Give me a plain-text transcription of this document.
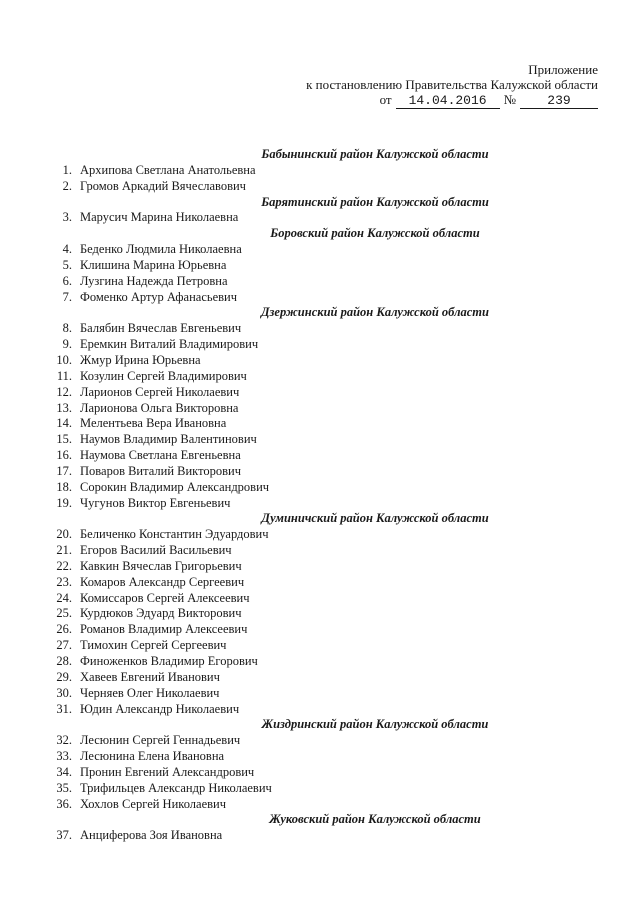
Приложение
к постановлению Правительства Калужской области
от	14.04.2016	№	239
Бабынинский район Калужской области
1. Архипова Светлана Анатольевна
2. Громов Аркадий Вячеславович
Барятинский район Калужской области
3. Марусич Марина Николаевна
Боровский район Калужской области
4. Беденко Людмила Николаевна
5. Клишина Марина Юрьевна
6. Лузгина Надежда Петровна
7. Фоменко Артур Афанасьевич
Дзержинский район Калужской области
8. Балябин Вячеслав Евгеньевич
9. Еремкин Виталий Владимирович
10. Жмур Ирина Юрьевна
11. Козулин Сергей Владимирович
12. Ларионов Сергей Николаевич
13. Ларионова Ольга Викторовна
14. Мелентьева Вера Ивановна
15. Наумов Владимир Валентинович
16. Наумова Светлана Евгеньевна
17. Поваров Виталий Викторович
18. Сорокин Владимир Александрович
19. Чугунов Виктор Евгеньевич
Думиничский район Калужской области
20. Беличенко Константин Эдуардович
21. Егоров Василий Васильевич
22. Кавкин Вячеслав Григорьевич
23. Комаров Александр Сергеевич
24. Комиссаров Сергей Алексеевич
25. Курдюков Эдуард Викторович
26. Романов Владимир Алексеевич
27. Тимохин Сергей Сергеевич
28. Финоженков Владимир Егорович
29. Хавеев Евгений Иванович
30. Черняев Олег Николаевич
31. Юдин Александр Николаевич
Жиздринский район Калужской области
32. Лесюнин Сергей Геннадьевич
33. Лесюнина Елена Ивановна
34. Пронин Евгений Александрович
35. Трифильцев Александр Николаевич
36. Хохлов Сергей Николаевич
Жуковский район Калужской области
37. Анциферова Зоя Ивановна
